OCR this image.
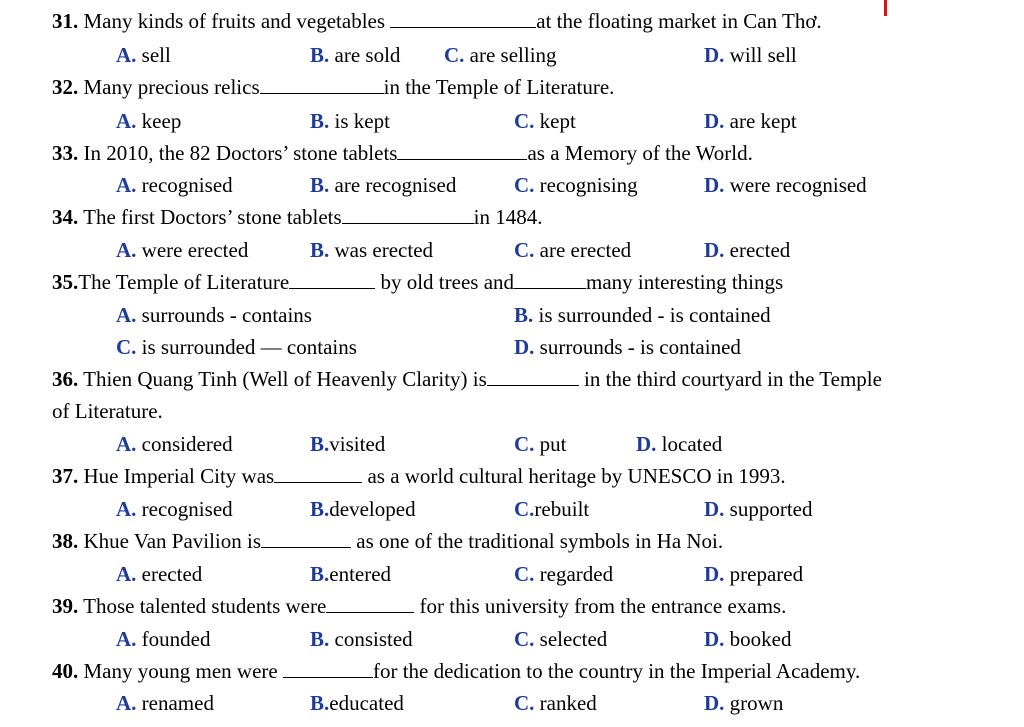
31. Many kinds of fruits and vegetables	at the floating market in Can Thơ.
A. sell	B. are sold C. are selling	D. will sell
32. Many precious relics	in the Temple of Literature.
A. keep	B. is kept	C. kept	D. are kept
33. In 2010, the 82 Doctors’ stone tablets	as a Memory of the World.
A. recognised	B. are recognised	C. recognising	D. were recognised
34. The first Doctors’ stone tablets	in 1484.
A. were erected	B. was erected	C. are erected	D. erected
35.The Temple of Literature	by old trees and	many interesting things
A. surrounds - contains	B. is surrounded - is contained
C. is surrounded — contains	D. surrounds - is contained
36. Thien Quang Tinh (Well of Heavenly Clarity) is	in the third courtyard in the Temple
of Literature.
A. considered	B.visited	C. put	D. located
37. Hue Imperial City was	as a world cultural heritage by UNESCO in 1993.
A. recognised	B.developed	C.rebuilt	D. supported
38. Khue Van Pavilion is	as one of the traditional symbols in Ha Noi.
A. erected	B.entered	C. regarded	D. prepared
39. Those talented students were	for this university from the entrance exams.
A. founded	B. consisted	C. selected	D. booked
40. Many young men were	for the dedication to the country in the Imperial Academy.
A. renamed	B.educated	C. ranked	D. grown
